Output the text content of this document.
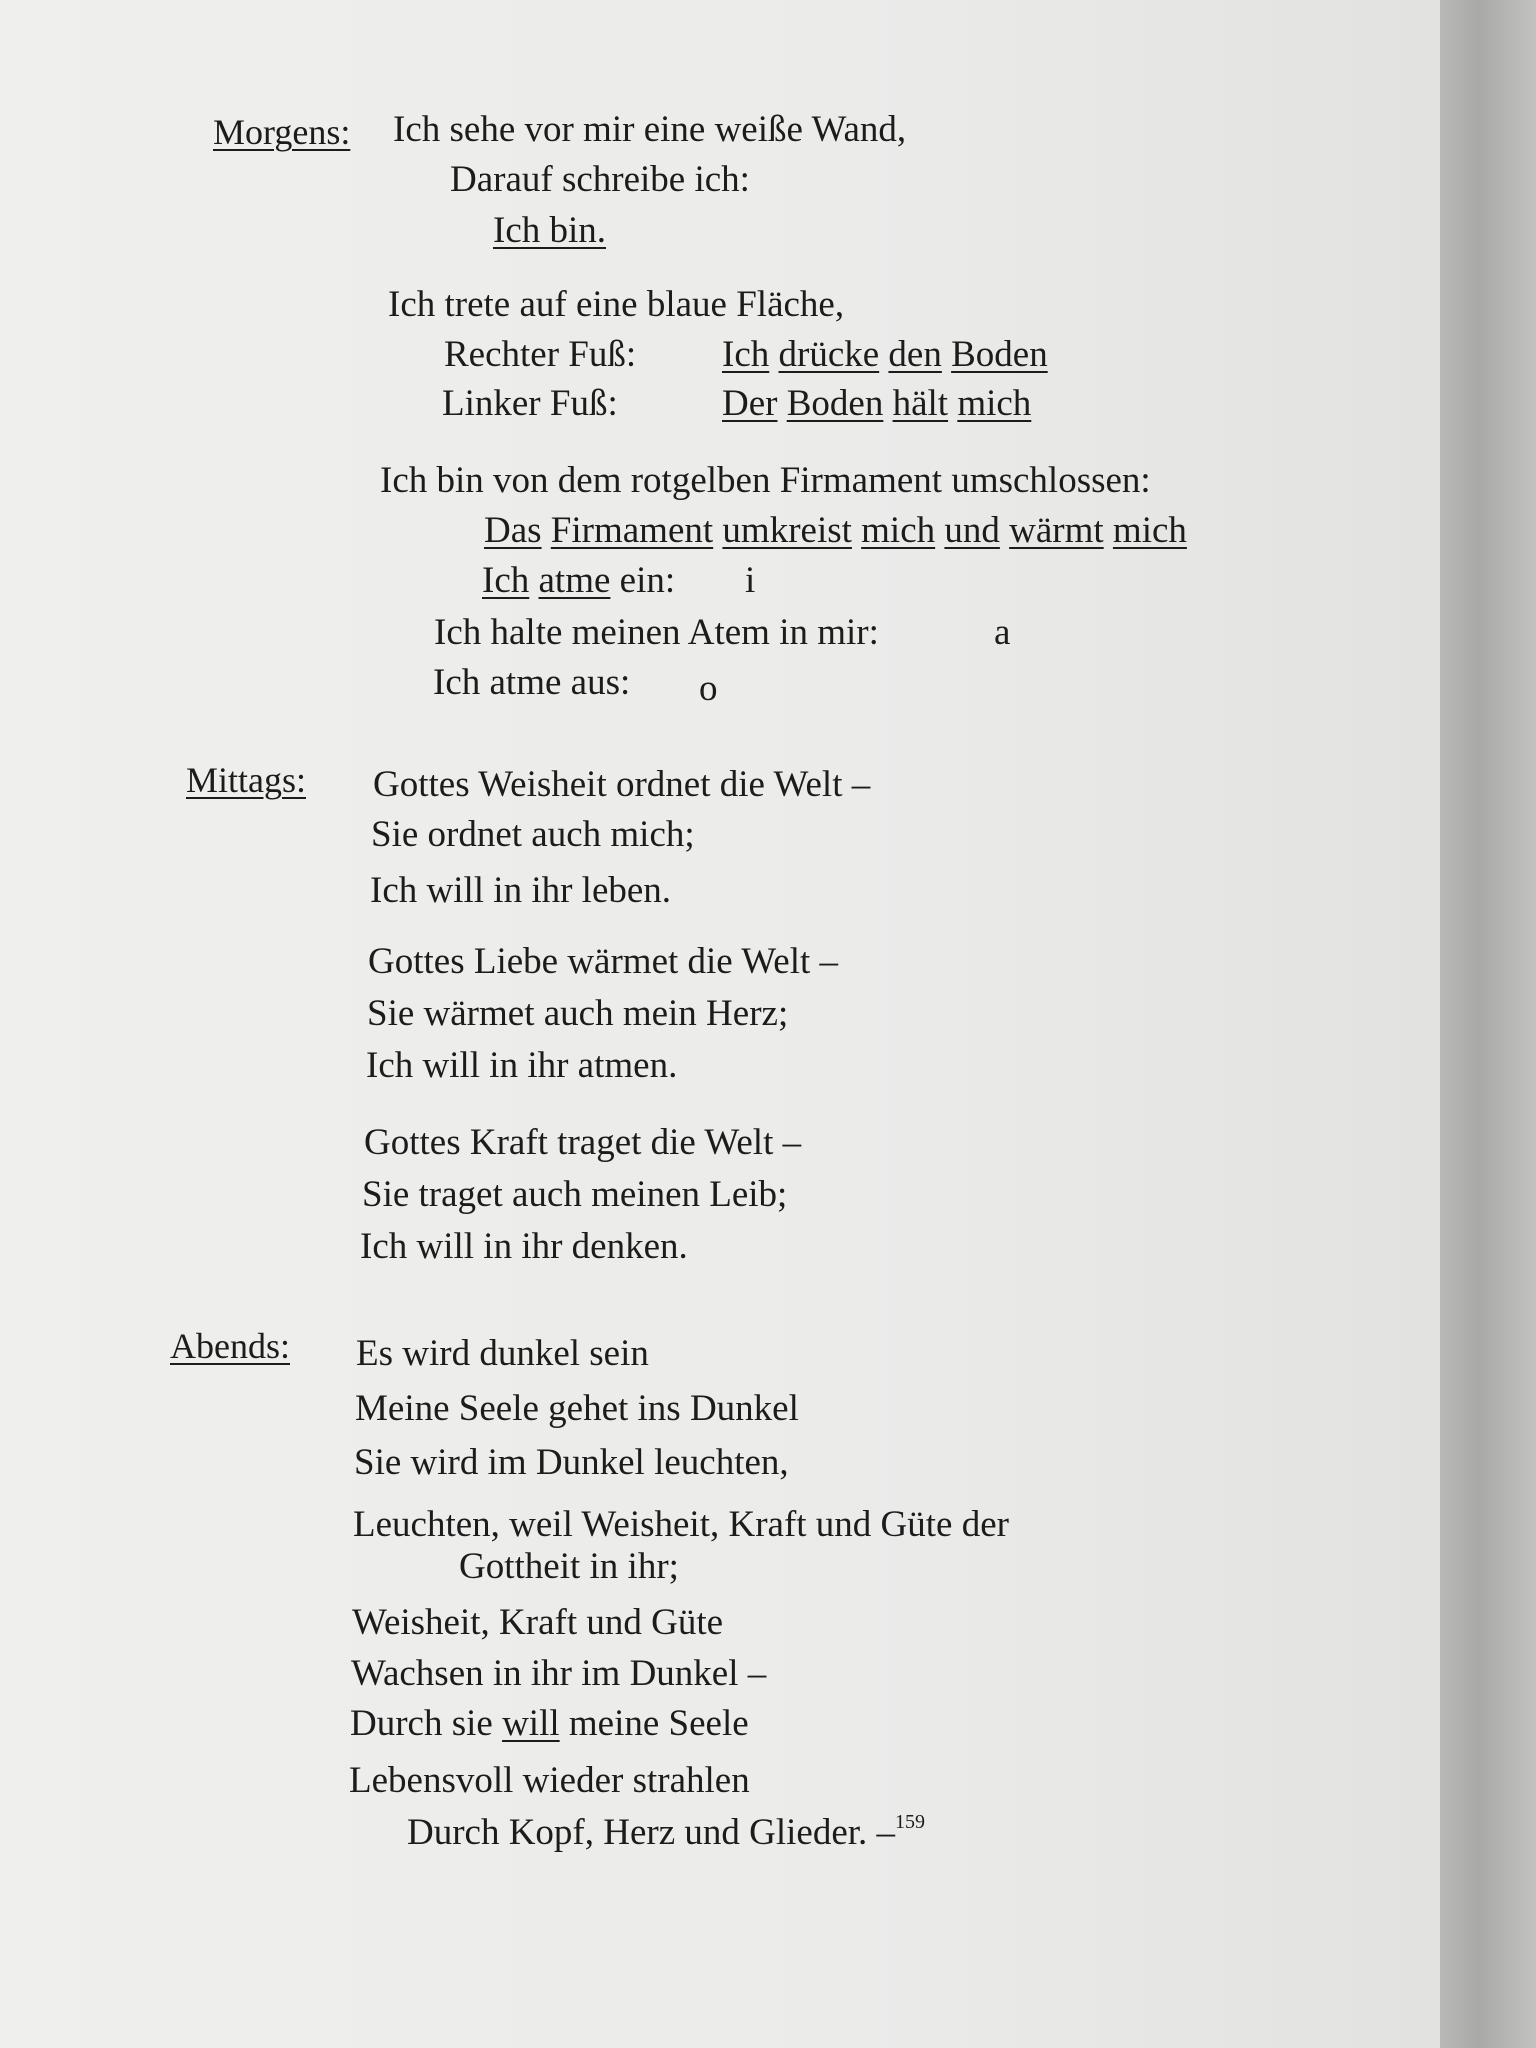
Morgens: Ich sehe vor mir eine weiße Wand,
Darauf schreibe ich:
Ich bin.
Ich trete auf eine blaue Fläche,
Rechter Fuß: Ich drücke den Boden
Linker Fuß:	Der Boden hält mich
Ich bin von dem rotgelben Firmament umschlossen:
Das Firmament umkreist mich und wärmt mich
Ich atme ein: i
Ich halte meinen Atem in mir:	a
Ich atme aus: o
Mittags: Gottes Weisheit ordnet die Welt –
Sie ordnet auch mich;
Ich will in ihr leben.
Gottes Liebe wärmet die Welt –
Sie wärmet auch mein Herz;
Ich will in ihr atmen.
Gottes Kraft traget die Welt –
Sie traget auch meinen Leib;
Ich will in ihr denken.
Abends: Es wird dunkel sein
Meine Seele gehet ins Dunkel
Sie wird im Dunkel leuchten,
Leuchten, weil Weisheit, Kraft und Güte der
Gottheit in ihr;
Weisheit, Kraft und Güte
Wachsen in ihr im Dunkel –
Durch sie will meine Seele
Lebensvoll wieder strahlen
Durch Kopf, Herz und Glieder. –$^{159}$
